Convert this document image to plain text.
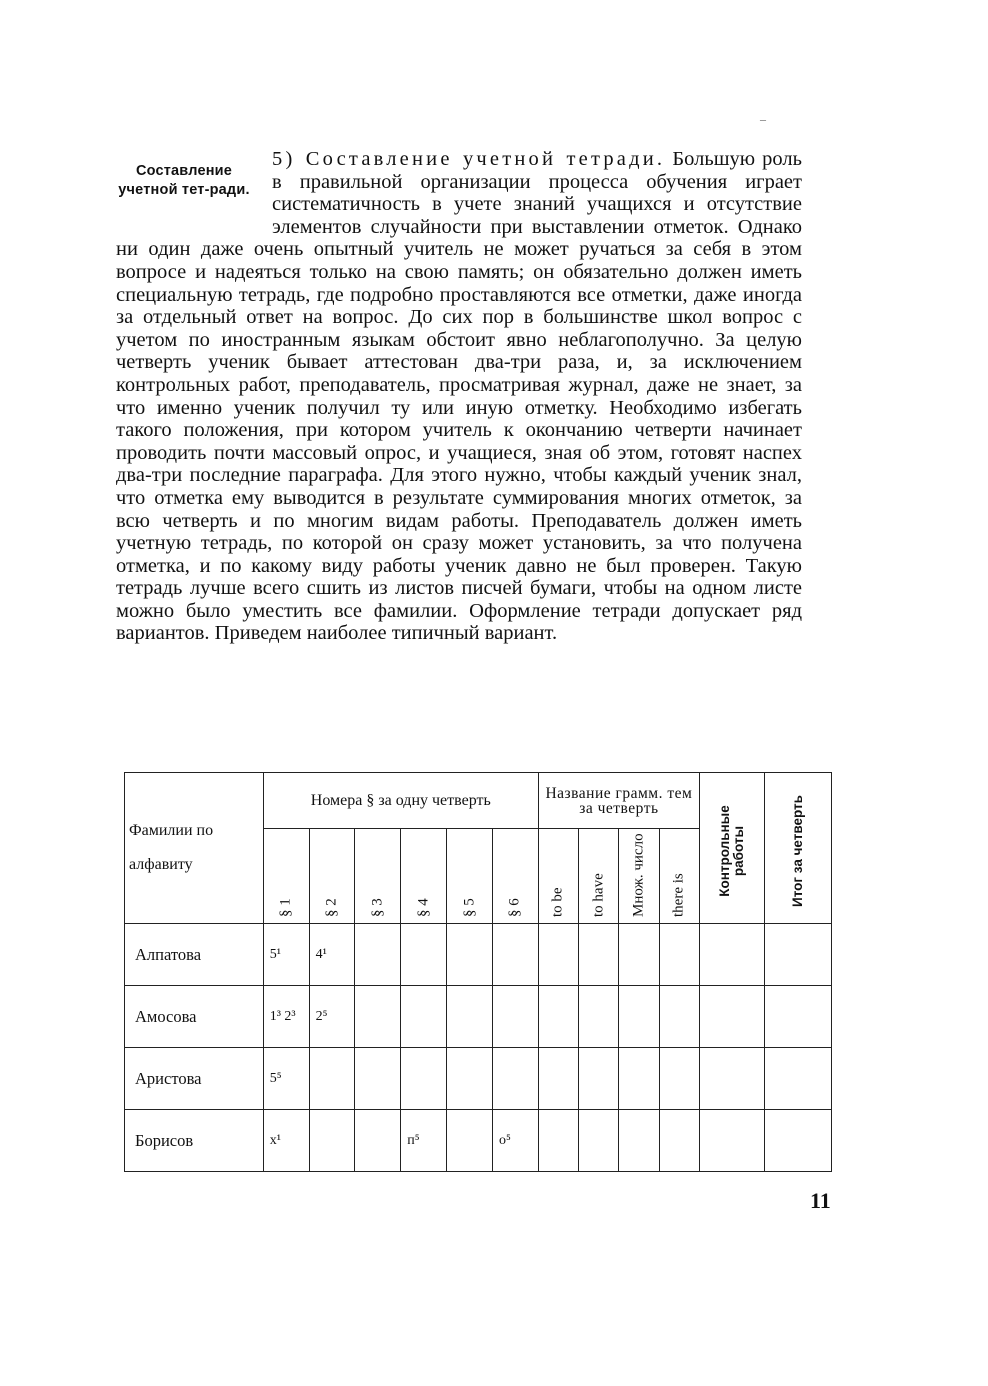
–
Составление учетной тет-ради.
5) Составление учетной тетради. Большую роль в правильной организации процесса обучения играет систематичность в учете знаний учащихся и отсутствие элементов случайности при выставлении отметок. Однако ни один даже очень опытный учитель не может ручаться за себя в этом вопросе и надеяться только на свою память; он обязательно должен иметь специальную тетрадь, где подробно проставляются все отметки, даже иногда за отдельный ответ на вопрос. До сих пор в большинстве школ вопрос с учетом по иностранным языкам обстоит явно неблагополучно. За целую четверть ученик бывает аттестован два-три раза, и, за исключением контрольных работ, преподаватель, просматривая журнал, даже не знает, за что именно ученик получил ту или иную отметку. Необходимо избегать такого положения, при котором учитель к окончанию четверти начинает проводить почти массовый опрос, и учащиеся, зная об этом, готовят наспех два-три последние параграфа. Для этого нужно, чтобы каждый ученик знал, что отметка ему выводится в результате суммирования многих отметок, за всю четверть и по многим видам работы. Преподаватель должен иметь учетную тетрадь, по которой он сразу может установить, за что получена отметка, и по какому виду работы ученик давно не был проверен. Такую тетрадь лучше всего сшить из листов писчей бумаги, чтобы на одном листе можно было уместить все фамилии. Оформление тетради допускает ряд вариантов. Приведем наиболее типичный вариант.
Фамилии по алфавиту	Номера § за одну четверть						Название грамм. тем за четверть				Контрольные работы	Итог за четверть

	§ 1	§ 2	§ 3	§ 4	§ 5	§ 6	to be	to have	Множ. число	there is		

Алпатова	5¹	4¹										
Амосова	1³ 2³	2⁵										
Аристова	5⁵											
Борисов	х¹			п⁵		о⁵						
11
